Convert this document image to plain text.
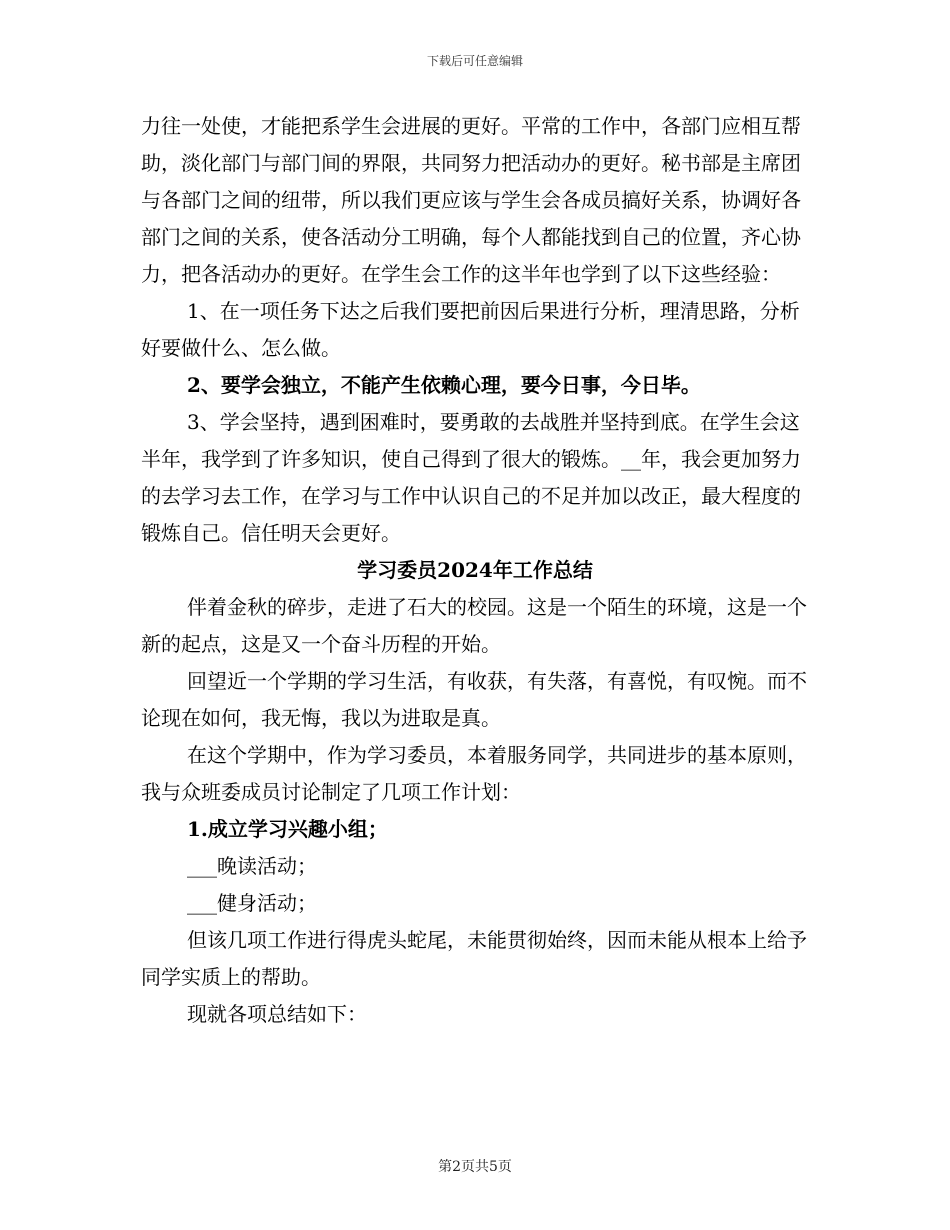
下载后可任意编辑

力往一处使，才能把系学生会进展的更好。平常的工作中，各部门应相互帮助，淡化部门与部门间的界限，共同努力把活动办的更好。秘书部是主席团与各部门之间的纽带，所以我们更应该与学生会各成员搞好关系，协调好各部门之间的关系，使各活动分工明确，每个人都能找到自己的位置，齐心协力，把各活动办的更好。在学生会工作的这半年也学到了以下这些经验：

1、在一项任务下达之后我们要把前因后果进行分析，理清思路，分析好要做什么、怎么做。

2、要学会独立，不能产生依赖心理，要今日事，今日毕。

3、学会坚持，遇到困难时，要勇敢的去战胜并坚持到底。在学生会这半年，我学到了许多知识，使自己得到了很大的锻炼。__年，我会更加努力的去学习去工作，在学习与工作中认识自己的不足并加以改正，最大程度的锻炼自己。信任明天会更好。

学习委员2024年工作总结

伴着金秋的碎步，走进了石大的校园。这是一个陌生的环境，这是一个新的起点，这是又一个奋斗历程的开始。

回望近一个学期的学习生活，有收获，有失落，有喜悦，有叹惋。而不论现在如何，我无悔，我以为进取是真。

在这个学期中，作为学习委员，本着服务同学，共同进步的基本原则，我与众班委成员讨论制定了几项工作计划：

1.成立学习兴趣小组；

___晚读活动；

___健身活动；

但该几项工作进行得虎头蛇尾，未能贯彻始终，因而未能从根本上给予同学实质上的帮助。

现就各项总结如下：

第2页共5页
